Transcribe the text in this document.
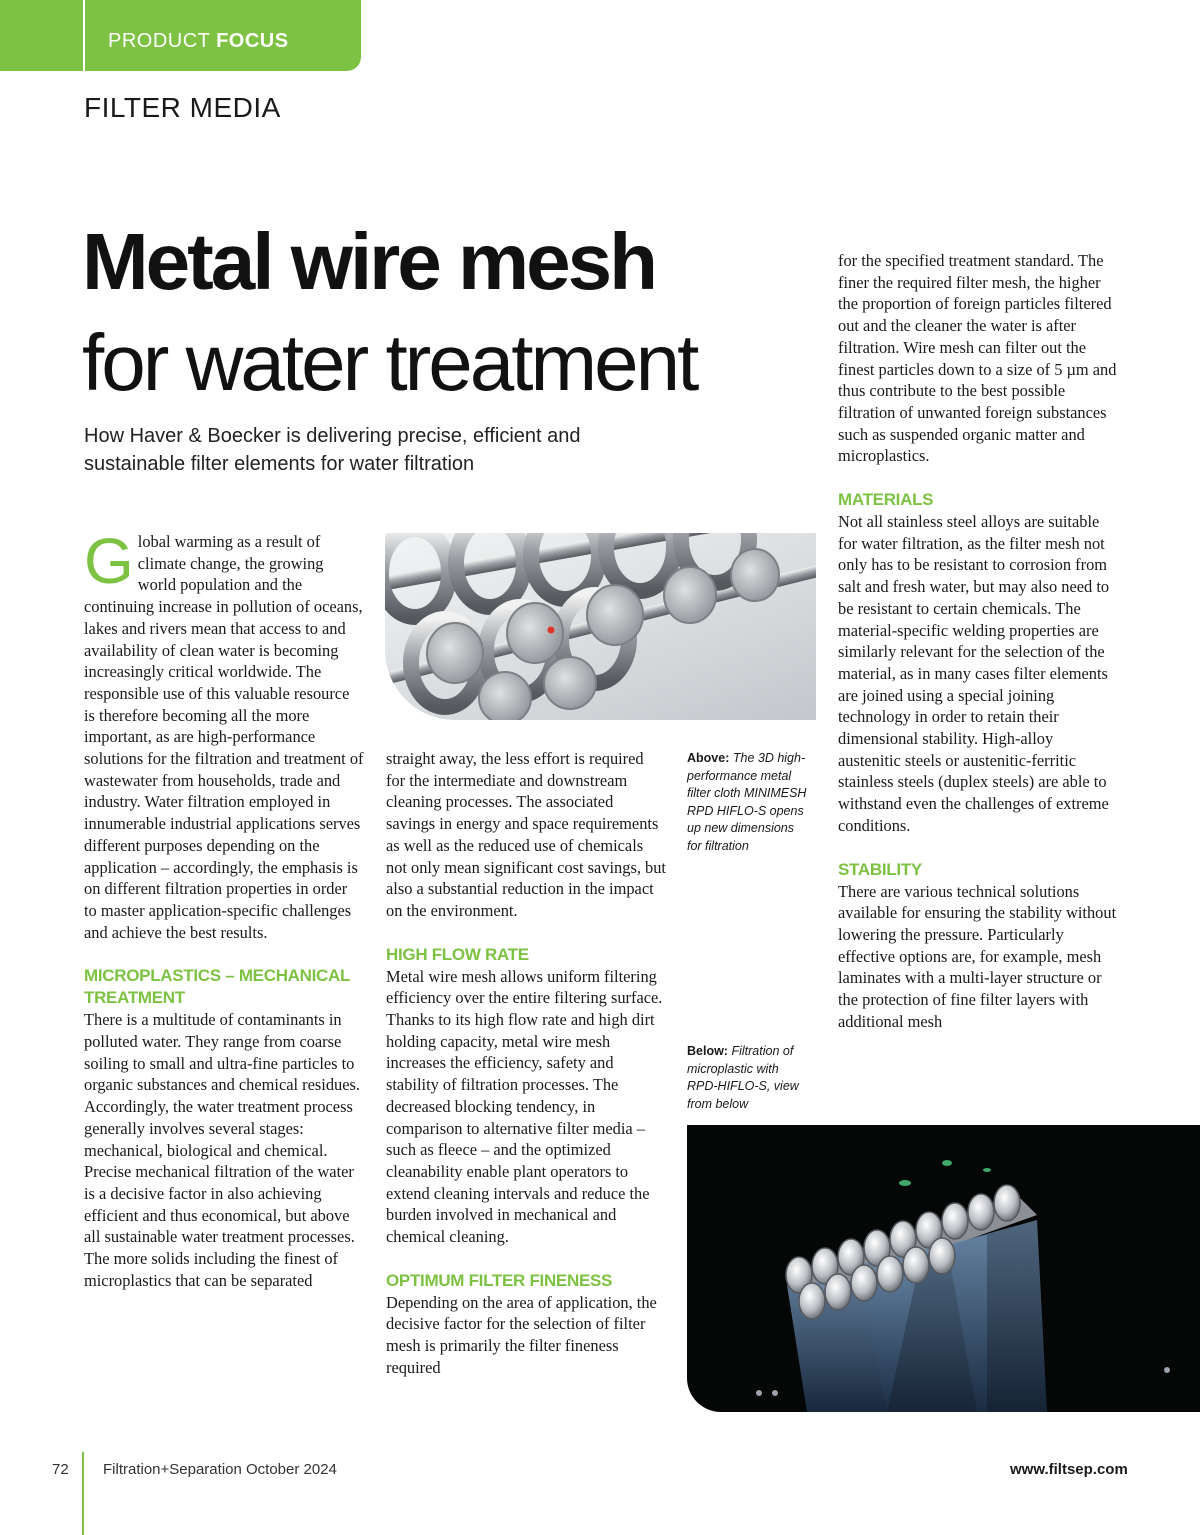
PRODUCT FOCUS
FILTER MEDIA
Metal wire mesh
for water treatment
How Haver & Boecker is delivering precise, efficient and sustainable filter elements for water filtration
G lobal warming as a result of climate change, the growing world population and the continuing increase in pollution of oceans, lakes and rivers mean that access to and availability of clean water is becoming increasingly critical worldwide. The responsible use of this valuable resource is therefore becoming all the more important, as are high-performance solutions for the filtration and treatment of wastewater from households, trade and industry. Water filtration employed in innumerable industrial applications serves different purposes depending on the application – accordingly, the emphasis is on different filtration properties in order to master application-specific challenges and achieve the best results.

MICROPLASTICS – MECHANICAL TREATMENT

There is a multitude of contaminants in polluted water. They range from coarse soiling to small and ultra-fine particles to organic substances and chemical residues. Accordingly, the water treatment process generally involves several stages: mechanical, biological and chemical. Precise mechanical filtration of the water is a decisive factor in also achieving efficient and thus economical, but above all sustainable water treatment processes. The more solids including the finest of microplastics that can be separated

straight away, the less effort is required for the intermediate and downstream cleaning processes. The associated savings in energy and space requirements as well as the reduced use of chemicals not only mean significant cost savings, but also a substantial reduction in the impact on the environment.

HIGH FLOW RATE

Metal wire mesh allows uniform filtering efficiency over the entire filtering surface. Thanks to its high flow rate and high dirt holding capacity, metal wire mesh increases the efficiency, safety and stability of filtration processes. The decreased blocking tendency, in comparison to alternative filter media – such as fleece – and the optimized cleanability enable plant operators to extend cleaning intervals and reduce the burden involved in mechanical and chemical cleaning.

OPTIMUM FILTER FINENESS

Depending on the area of application, the decisive factor for the selection of filter mesh is primarily the filter fineness required

Above: The 3D high-performance metal filter cloth MINIMESH RPD HIFLO-S opens up new dimensions for filtration
Below: Filtration of microplastic with RPD-HIFLO-S, view from below

for the specified treatment standard. The finer the required filter mesh, the higher the proportion of foreign particles filtered out and the cleaner the water is after filtration. Wire mesh can filter out the finest particles down to a size of 5 µm and thus contribute to the best possible filtration of unwanted foreign substances such as suspended organic matter and microplastics.

MATERIALS

Not all stainless steel alloys are suitable for water filtration, as the filter mesh not only has to be resistant to corrosion from salt and fresh water, but may also need to be resistant to certain chemicals. The material-specific welding properties are similarly relevant for the selection of the material, as in many cases filter elements are joined using a special joining technology in order to retain their dimensional stability. High-alloy austenitic steels or austenitic-ferritic stainless steels (duplex steels) are able to withstand even the challenges of extreme conditions.

STABILITY

There are various technical solutions available for ensuring the stability without lowering the pressure. Particularly effective options are, for example, mesh laminates with a multi-layer structure or the protection of fine filter layers with additional mesh

72 Filtration+Separation October 2024	www.filtsep.com
